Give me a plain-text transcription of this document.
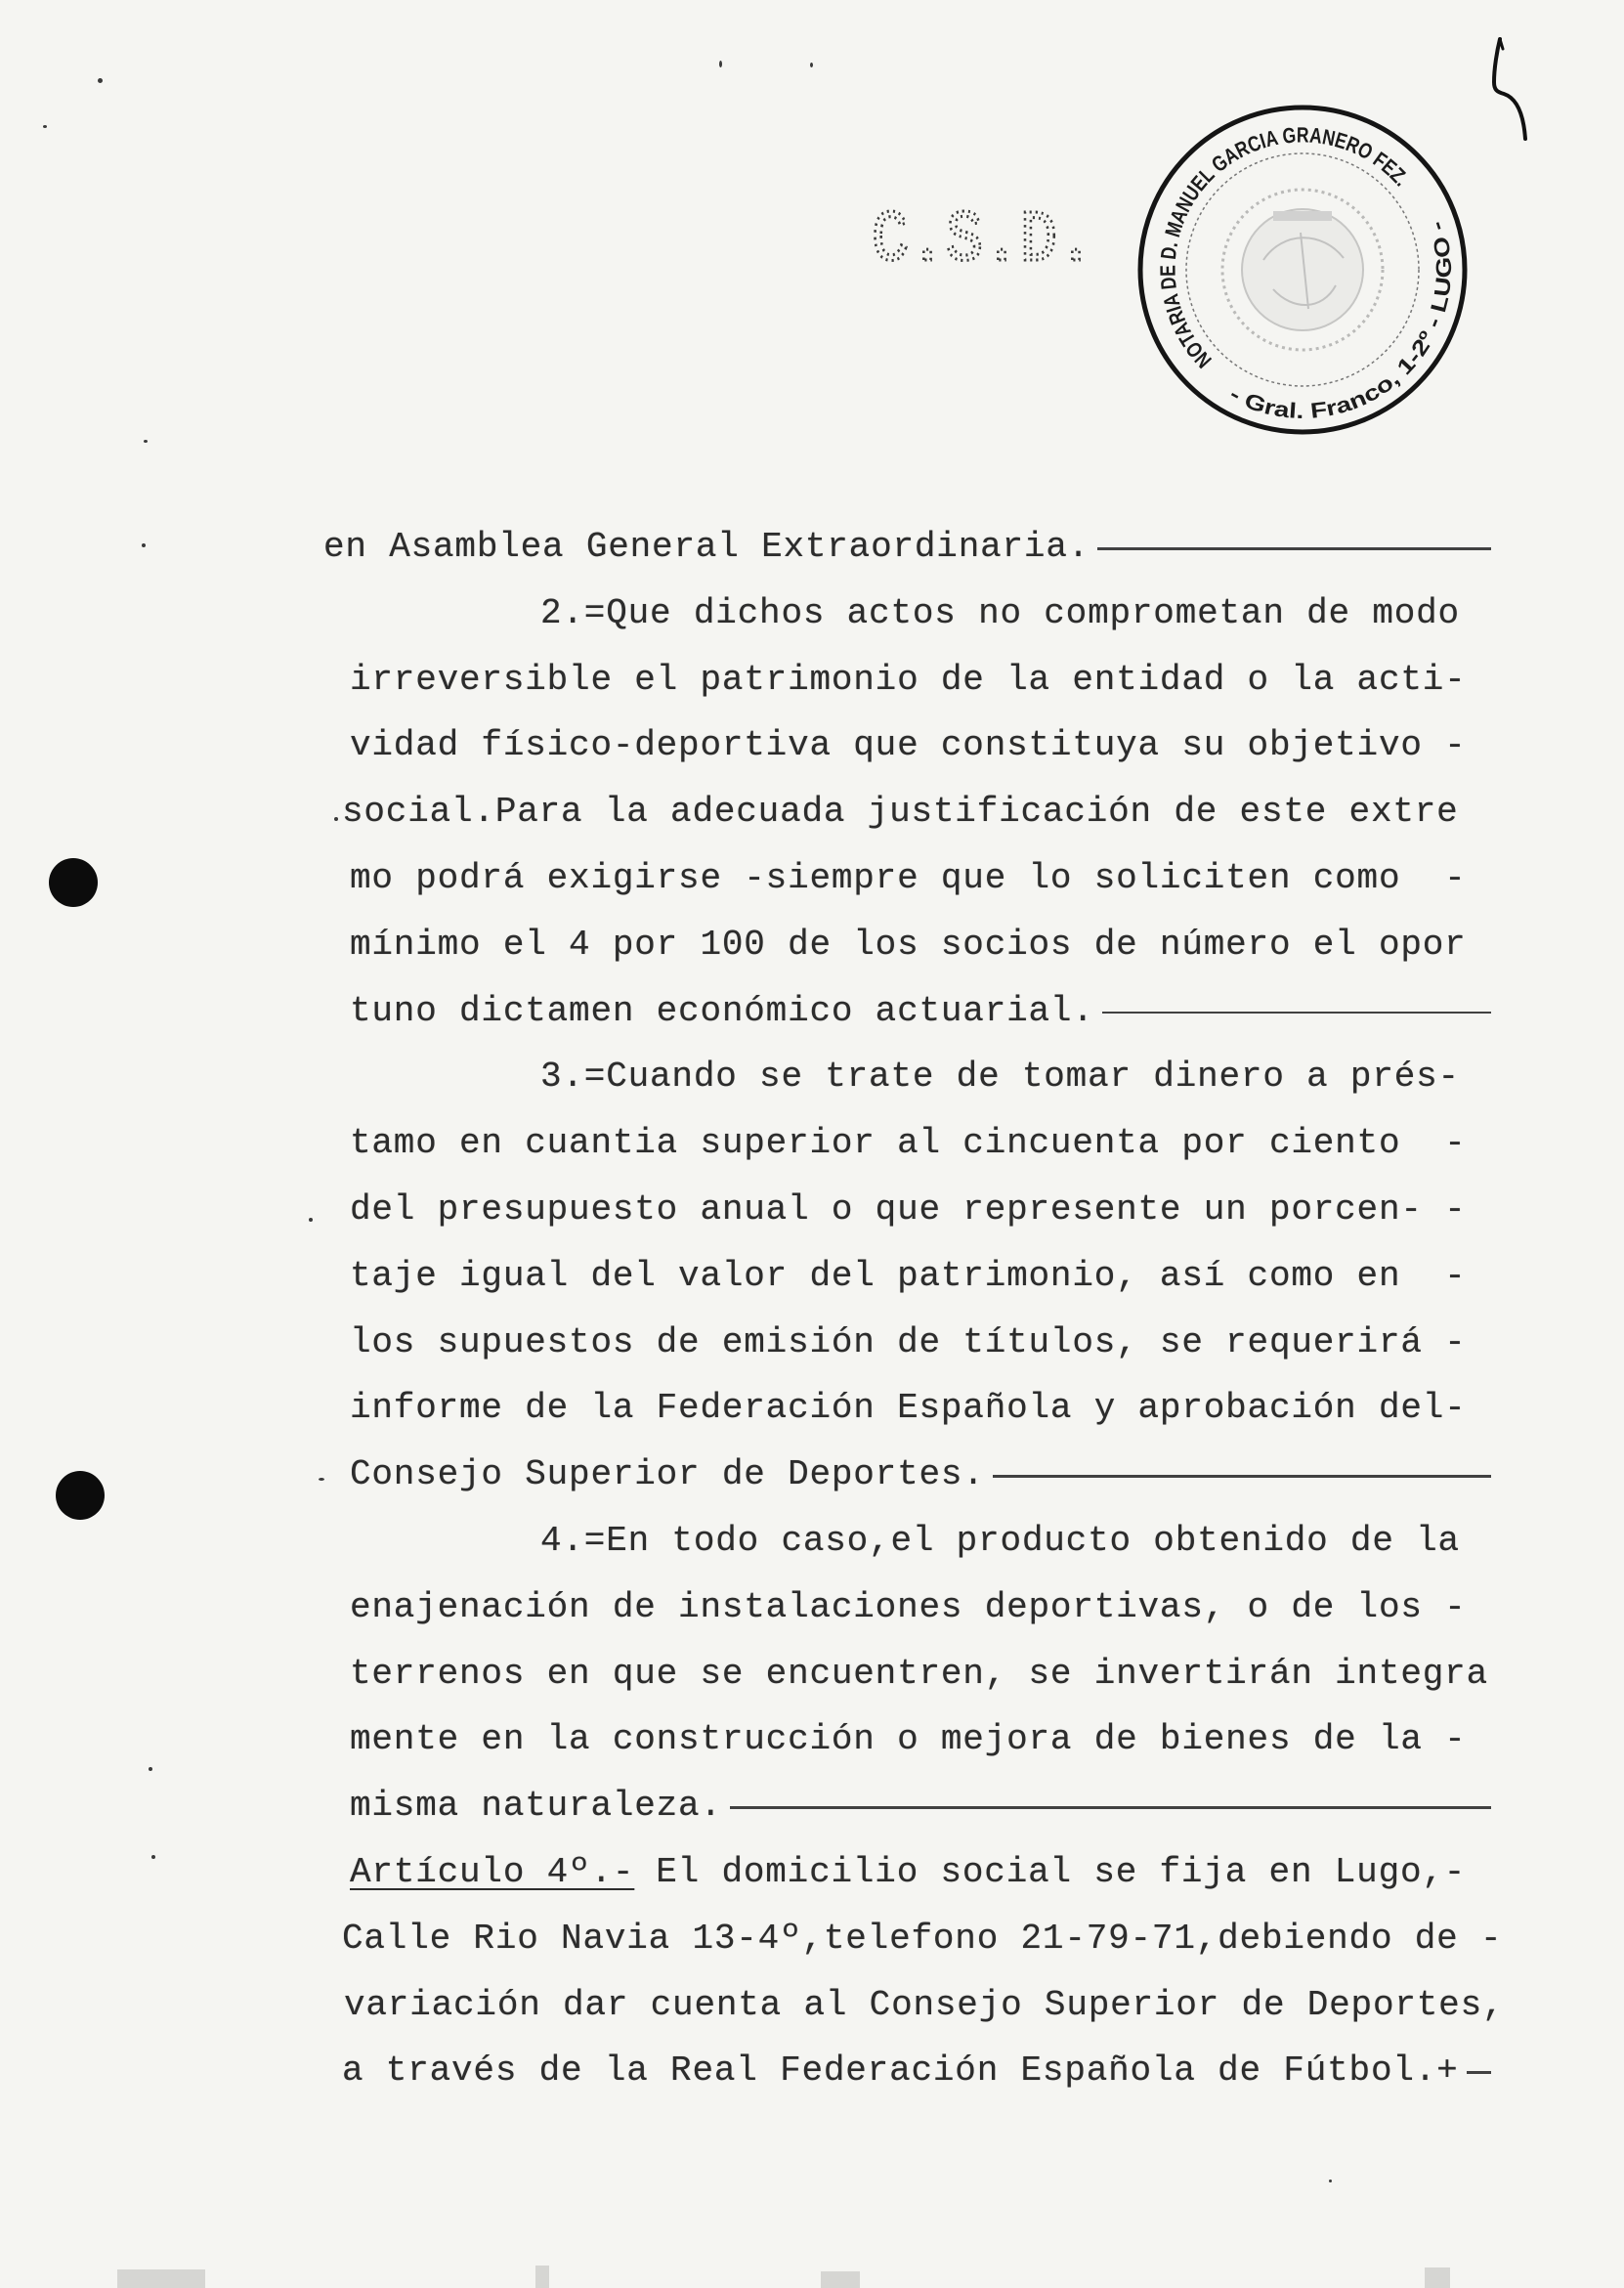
C.S.D.
NOTARIA DE D. MANUEL GARCIA GRANERO FEZ.
- Gral. Franco, 1-2º - LUGO -
en Asamblea General Extraordinaria.
2.=Que dichos actos no comprometan de modo
irreversible el patrimonio de la entidad o la acti-
vidad físico-deportiva que constituya su objetivo -
social.Para la adecuada justificación de este extre
mo podrá exigirse -siempre que lo soliciten como  -
mínimo el 4 por 100 de los socios de número el opor
tuno dictamen económico actuarial.
3.=Cuando se trate de tomar dinero a prés-
tamo en cuantia superior al cincuenta por ciento  -
del presupuesto anual o que represente un porcen- -
taje igual del valor del patrimonio, así como en  -
los supuestos de emisión de títulos, se requerirá -
informe de la Federación Española y aprobación del-
Consejo Superior de Deportes.
4.=En todo caso,el producto obtenido de la
enajenación de instalaciones deportivas, o de los -
terrenos en que se encuentren, se invertirán integra
mente en la construcción o mejora de bienes de la -
misma naturaleza.
Artículo 4º.- El domicilio social se fija en Lugo,-
Calle Rio Navia 13-4º,telefono 21-79-71,debiendo de -
variación dar cuenta al Consejo Superior de Deportes,
a través de la Real Federación Española de Fútbol.+
